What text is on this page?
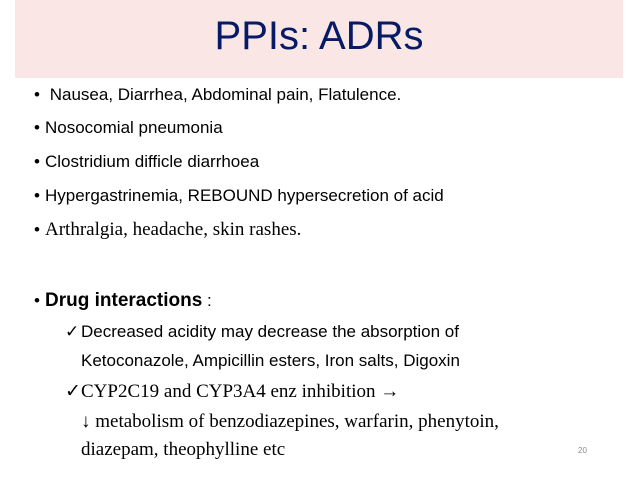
PPIs: ADRs
• Nausea, Diarrhea, Abdominal pain, Flatulence.
• Nosocomial pneumonia
• Clostridium difficle diarrhoea
• Hypergastrinemia, REBOUND hypersecretion of acid
• Arthralgia, headache, skin rashes.
• Drug interactions :
✓ Decreased acidity may decrease the absorption of
Ketoconazole, Ampicillin esters, Iron salts, Digoxin
✓CYP2C19 and CYP3A4 enz inhibition →
↓ metabolism of benzodiazepines, warfarin, phenytoin,
diazepam, theophylline etc	20
